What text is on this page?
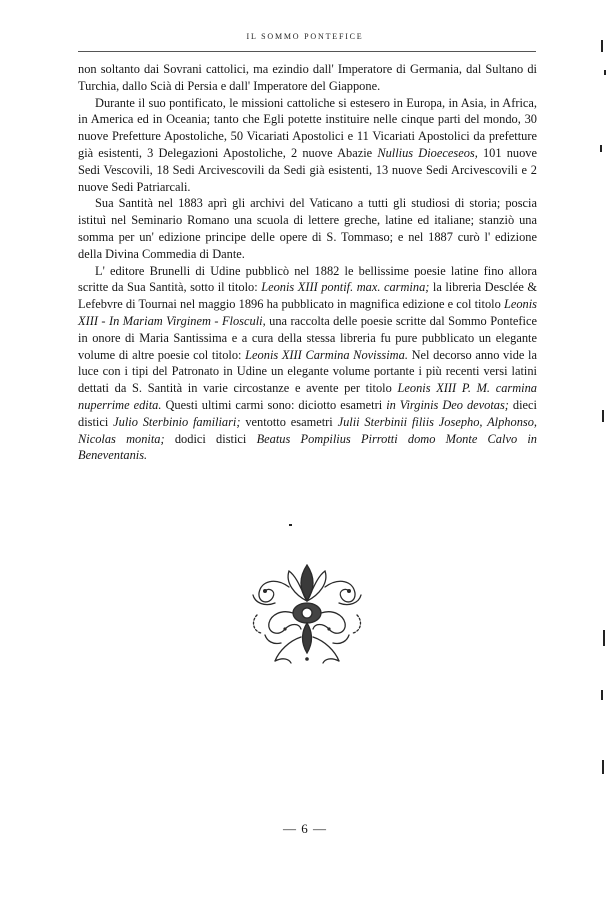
IL SOMMO PONTEFICE

non soltanto dai Sovrani cattolici, ma ezindio dall' Imperatore di Germania, dal Sultano di Turchia, dallo Scià di Persia e dall' Imperatore del Giappone.

Durante il suo pontificato, le missioni cattoliche si estesero in Europa, in Asia, in Africa, in America ed in Oceania; tanto che Egli potette instituire nelle cinque parti del mondo, 30 nuove Prefetture Apostoliche, 50 Vicariati Apostolici e 11 Vicariati Apostolici da prefetture già esistenti, 3 Delegazioni Apostoliche, 2 nuove Abazie Nullius Dioeceseos, 101 nuove Sedi Vescovili, 18 Sedi Arcivescovili da Sedi già esistenti, 13 nuove Sedi Arcivescovili e 2 nuove Sedi Patriarcali.

Sua Santità nel 1883 aprì gli archivi del Vaticano a tutti gli studiosi di storia; poscia istituì nel Seminario Romano una scuola di lettere greche, latine ed italiane; stanziò una somma per un' edizione principe delle opere di S. Tommaso; e nel 1887 curò l' edizione della Divina Commedia di Dante.

L' editore Brunelli di Udine pubblicò nel 1882 le bellissime poesie latine fino allora scritte da Sua Santità, sotto il titolo: Leonis XIII pontif. max. carmina; la libreria Desclée & Lefebvre di Tournai nel maggio 1896 ha pubblicato in magnifica edizione e col titolo Leonis XIII - In Mariam Virginem - Flosculi, una raccolta delle poesie scritte dal Sommo Pontefice in onore di Maria Santissima e a cura della stessa libreria fu pure pubblicato un elegante volume di altre poesie col titolo: Leonis XIII Carmina Novissima. Nel decorso anno vide la luce con i tipi del Patronato in Udine un elegante volume portante i più recenti versi latini dettati da S. Santità in varie circostanze e avente per titolo Leonis XIII P. M. carmina nuperrime edita. Questi ultimi carmi sono: diciotto esametri in Virginis Deo devotas; dieci distici Julio Sterbinio familiari; ventotto esametri Julii Sterbinii filiis Josepho, Alphonso, Nicolas monita; dodici distici Beatus Pompilius Pirrotti domo Monte Calvo in Beneventanis.

— 6 —
